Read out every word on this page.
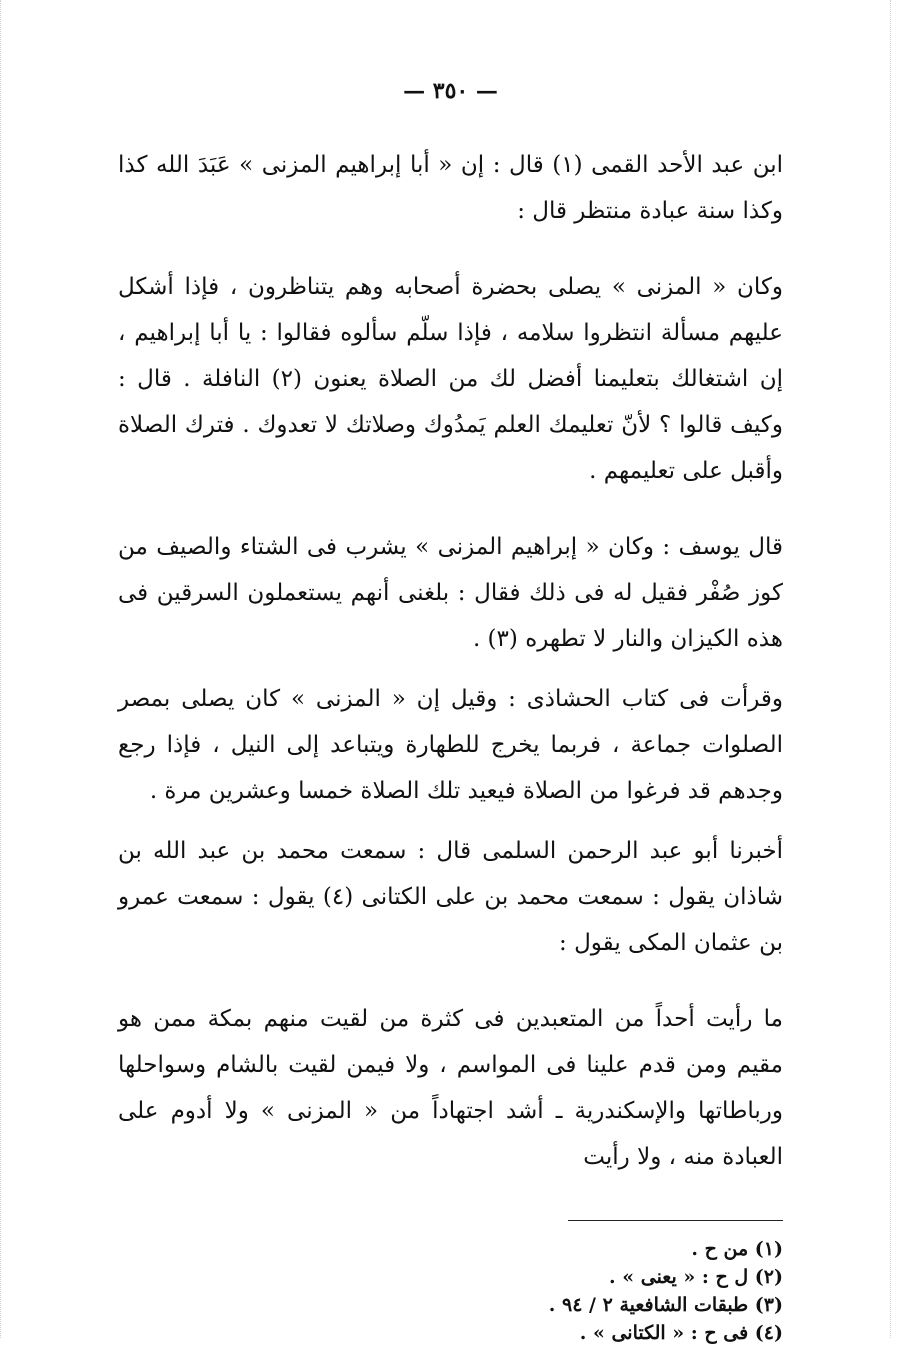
— ٣٥٠ —

ابن عبد الأحد القمى (١) قال : إن « أبا إبراهيم المزنى » عَبَدَ الله كذا وكذا سنة عبادة منتظر قال :

وكان « المزنى » يصلى بحضرة أصحابه وهم يتناظرون ، فإذا أشكل عليهم مسألة انتظروا سلامه ، فإذا سلّم سألوه فقالوا : يا أبا إبراهيم ، إن اشتغالك بتعليمنا أفضل لك من الصلاة يعنون (٢) النافلة . قال : وكيف قالوا ؟ لأنّ تعليمك العلم يَمدُوك وصلاتك لا تعدوك . فترك الصلاة وأقبل على تعليمهم .

قال يوسف : وكان « إبراهيم المزنى » يشرب فى الشتاء والصيف من كوز صُفْر فقيل له فى ذلك فقال : بلغنى أنهم يستعملون السرقين فى هذه الكيزان والنار لا تطهره (٣) .

وقرأت فى كتاب الحشاذى : وقيل إن « المزنى » كان يصلى بمصر الصلوات جماعة ، فربما يخرج للطهارة ويتباعد إلى النيل ، فإذا رجع وجدهم قد فرغوا من الصلاة فيعيد تلك الصلاة خمسا وعشرين مرة .

أخبرنا أبو عبد الرحمن السلمى قال : سمعت محمد بن عبد الله بن شاذان يقول : سمعت محمد بن على الكتانى (٤) يقول : سمعت عمرو بن عثمان المكى يقول :

ما رأيت أحداً من المتعبدين فى كثرة من لقيت منهم بمكة ممن هو مقيم ومن قدم علينا فى المواسم ، ولا فيمن لقيت بالشام وسواحلها ورباطاتها والإسكندرية ـ أشد اجتهاداً من « المزنى » ولا أدوم على العبادة منه ، ولا رأيت

(١) من ح .

(٢) ل ح : « يعنى » .

(٣) طبقات الشافعية ٢ / ٩٤ .

(٤) فى ح : « الكتانى » .
